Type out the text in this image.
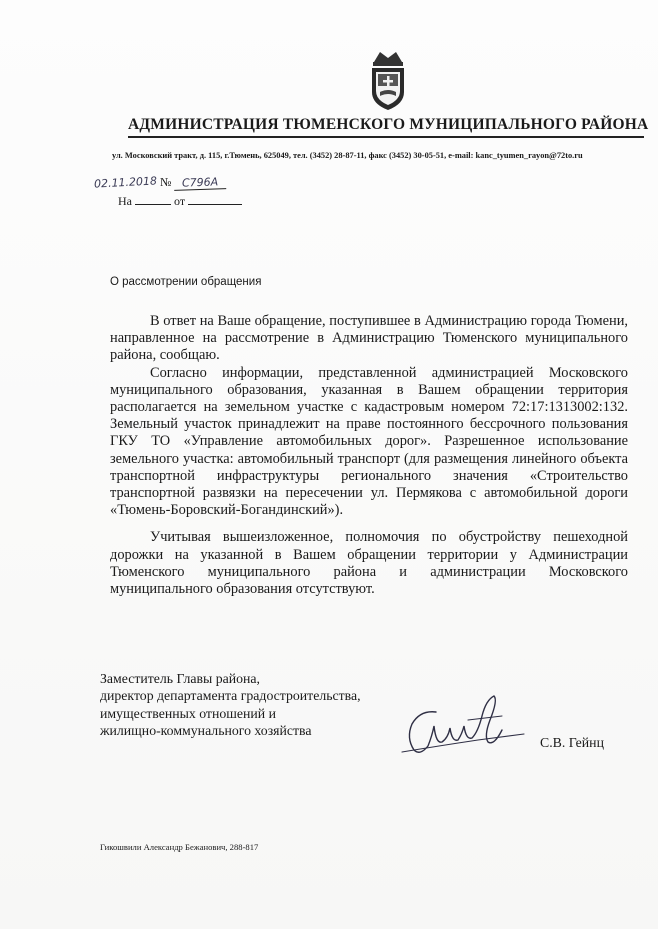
АДМИНИСТРАЦИЯ ТЮМЕНСКОГО МУНИЦИПАЛЬНОГО РАЙОНА
ул. Московский тракт, д. 115, г.Тюмень, 625049, тел. (3452) 28-87-11, факс (3452) 30-05-51, e-mail: kanc_tyumen_rayon@72to.ru
02.11.2018 № С796А
На	от
О рассмотрении обращения

В ответ на Ваше обращение, поступившее в Администрацию города Тюмени, направленное на рассмотрение в Администрацию Тюменского муниципального района, сообщаю.

Согласно информации, представленной администрацией Московского муниципального образования, указанная в Вашем обращении территория располагается на земельном участке с кадастровым номером 72:17:1313002:132. Земельный участок принадлежит на праве постоянного бессрочного пользования ГКУ ТО «Управление автомобильных дорог». Разрешенное использование земельного участка: автомобильный транспорт (для размещения линейного объекта транспортной инфраструктуры регионального значения «Строительство транспортной развязки на пересечении ул. Пермякова с автомобильной дороги «Тюмень-Боровский-Богандинский»).

Учитывая вышеизложенное, полномочия по обустройству пешеходной дорожки на указанной в Вашем обращении территории у Администрации Тюменского муниципального района и администрации Московского муниципального образования отсутствуют.

Заместитель Главы района,
директор департамента градостроительства,
имущественных отношений и
жилищно-коммунального хозяйства
С.В. Гейнц
Гикошвили Александр Бежанович, 288-817
